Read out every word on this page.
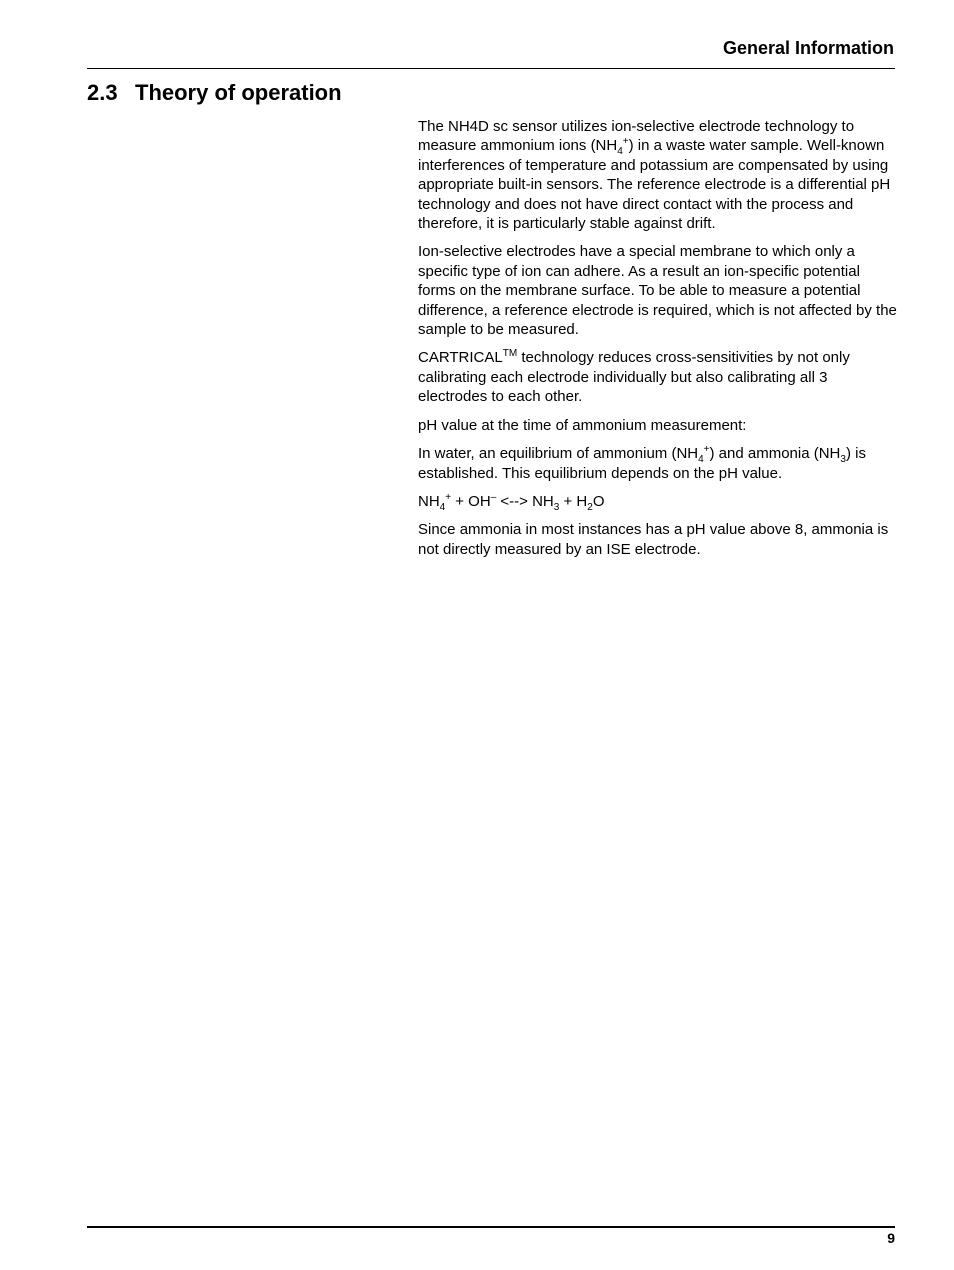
General Information
2.3 Theory of operation

The NH4D sc sensor utilizes ion-selective electrode technology to measure ammonium ions $(NH_4^+)$ in a waste water sample. Well-known interferences of temperature and potassium are compensated by using appropriate built-in sensors. The reference electrode is a differential pH technology and does not have direct contact with the process and therefore, it is particularly stable against drift.

Ion-selective electrodes have a special membrane to which only a specific type of ion can adhere. As a result an ion-specific potential forms on the membrane surface. To be able to measure a potential difference, a reference electrode is required, which is not affected by the sample to be measured.

CARTRICAL™ technology reduces cross-sensitivities by not only calibrating each electrode individually but also calibrating all 3 electrodes to each other.

pH value at the time of ammonium measurement:

In water, an equilibrium of ammonium $(NH_4^+)$ and ammonia $(NH_3)$ is established. This equilibrium depends on the pH value.

$NH_4^+ + OH^-$ <--> $NH_3 + H_2O$

Since ammonia in most instances has a pH value above 8, ammonia is not directly measured by an ISE electrode.

9
